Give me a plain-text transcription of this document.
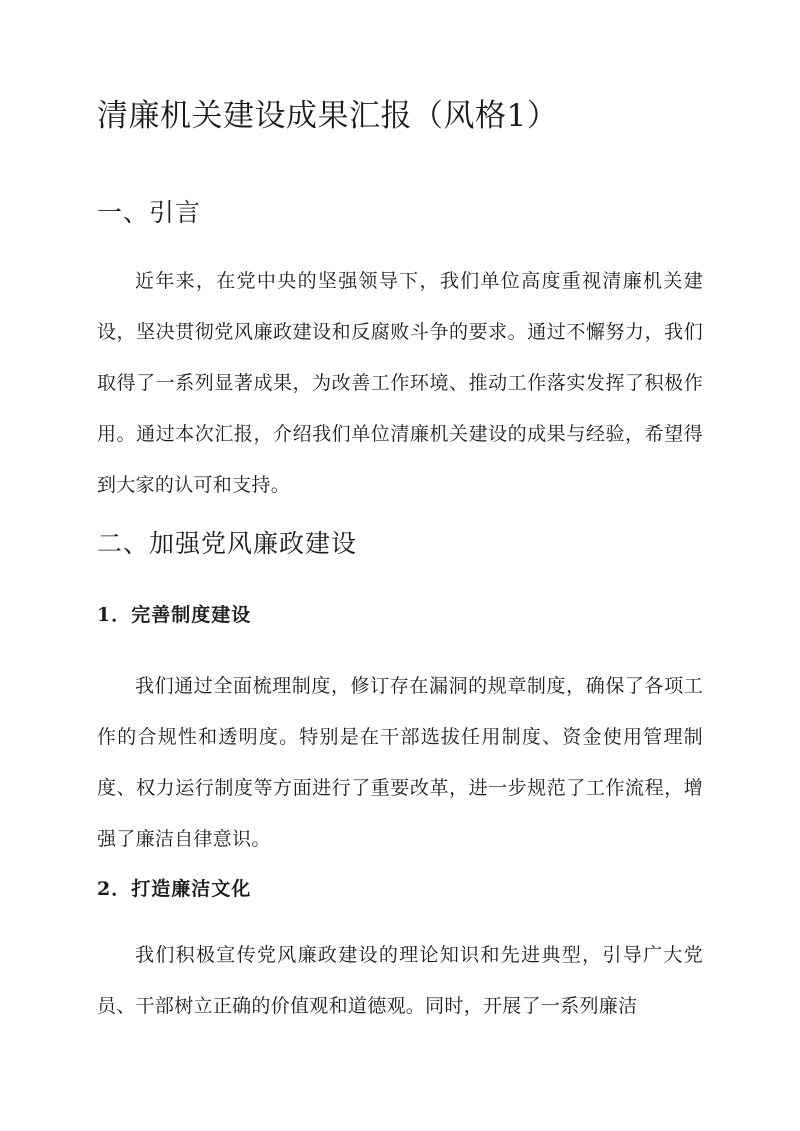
清廉机关建设成果汇报（风格1）
一、引言

近年来，在党中央的坚强领导下，我们单位高度重视清廉机关建设，坚决贯彻党风廉政建设和反腐败斗争的要求。通过不懈努力，我们取得了一系列显著成果，为改善工作环境、推动工作落实发挥了积极作用。通过本次汇报，介绍我们单位清廉机关建设的成果与经验，希望得到大家的认可和支持。

二、加强党风廉政建设
1．完善制度建设

我们通过全面梳理制度，修订存在漏洞的规章制度，确保了各项工作的合规性和透明度。特别是在干部选拔任用制度、资金使用管理制度、权力运行制度等方面进行了重要改革，进一步规范了工作流程，增强了廉洁自律意识。

2．打造廉洁文化

我们积极宣传党风廉政建设的理论知识和先进典型，引导广大党员、干部树立正确的价值观和道德观。同时，开展了一系列廉洁
